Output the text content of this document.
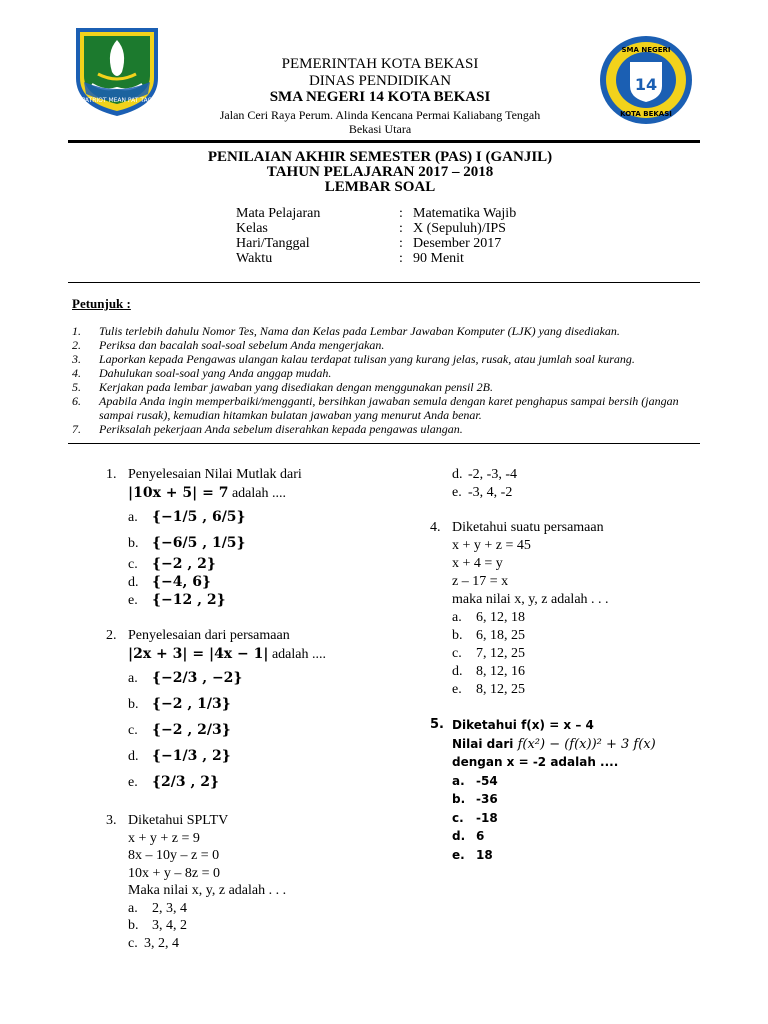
PATRIOT MEAN PAT TAO
14
SMA NEGERI
KOTA BEKASI
PEMERINTAH KOTA BEKASI
DINAS PENDIDIKAN
SMA NEGERI 14 KOTA BEKASI
Jalan Ceri Raya Perum. Alinda Kencana Permai Kaliabang Tengah
Bekasi Utara
PENILAIAN AKHIR SEMESTER (PAS) I (GANJIL)
TAHUN PELAJARAN 2017 – 2018
LEMBAR SOAL
Mata Pelajaran	: Matematika Wajib
Kelas	: X (Sepuluh)/IPS
Hari/Tanggal	: Desember 2017
Waktu	: 90 Menit
Petunjuk :
1. Tulis terlebih dahulu Nomor Tes, Nama dan Kelas pada Lembar Jawaban Komputer (LJK) yang disediakan.
2. Periksa dan bacalah soal-soal sebelum Anda mengerjakan.
3. Laporkan kepada Pengawas ulangan kalau terdapat tulisan yang kurang jelas, rusak, atau jumlah soal kurang.
4. Dahulukan soal-soal yang Anda anggap mudah.
5. Kerjakan pada lembar jawaban yang disediakan dengan menggunakan pensil 2B.
6. Apabila Anda ingin memperbaiki/mengganti, bersihkan jawaban semula dengan karet penghapus sampai bersih (jangan sampai rusak), kemudian hitamkan bulatan jawaban yang menurut Anda benar.
7. Periksalah pekerjaan Anda sebelum diserahkan kepada pengawas ulangan.
1. Penyelesaian Nilai Mutlak dari
|10x + 5| = 7 adalah ....
a. {−1/5 , 6/5}
b. {−6/5 , 1/5}
c. {−2 , 2}
d. {−4, 6}
e. {−12 , 2}
2. Penyelesaian dari persamaan
|2x + 3| = |4x − 1| adalah ....
a. {−2/3 , −2}
b. {−2 , 1/3}
c. {−2 , 2/3}
d. {−1/3 , 2}
e. {2/3 , 2}
3. Diketahui SPLTV
x + y + z = 9
8x – 10y – z = 0
10x + y – 8z = 0
Maka nilai x, y, z adalah . . .
a. 2, 3, 4
b. 3, 4, 2
c. 3, 2, 4
d. -2, -3, -4
e. -3, 4, -2
4. Diketahui suatu persamaan
x + y + z = 45
x + 4 = y
z – 17 = x
maka nilai x, y, z adalah . . .
a. 6, 12, 18
b. 6, 18, 25
c. 7, 12, 25
d. 8, 12, 16
e. 8, 12, 25
5. Diketahui f(x) = x – 4
Nilai dari f(x²) − (f(x))² + 3 f(x)
dengan x = -2 adalah ....
a. -54
b. -36
c. -18
d. 6
e. 18
